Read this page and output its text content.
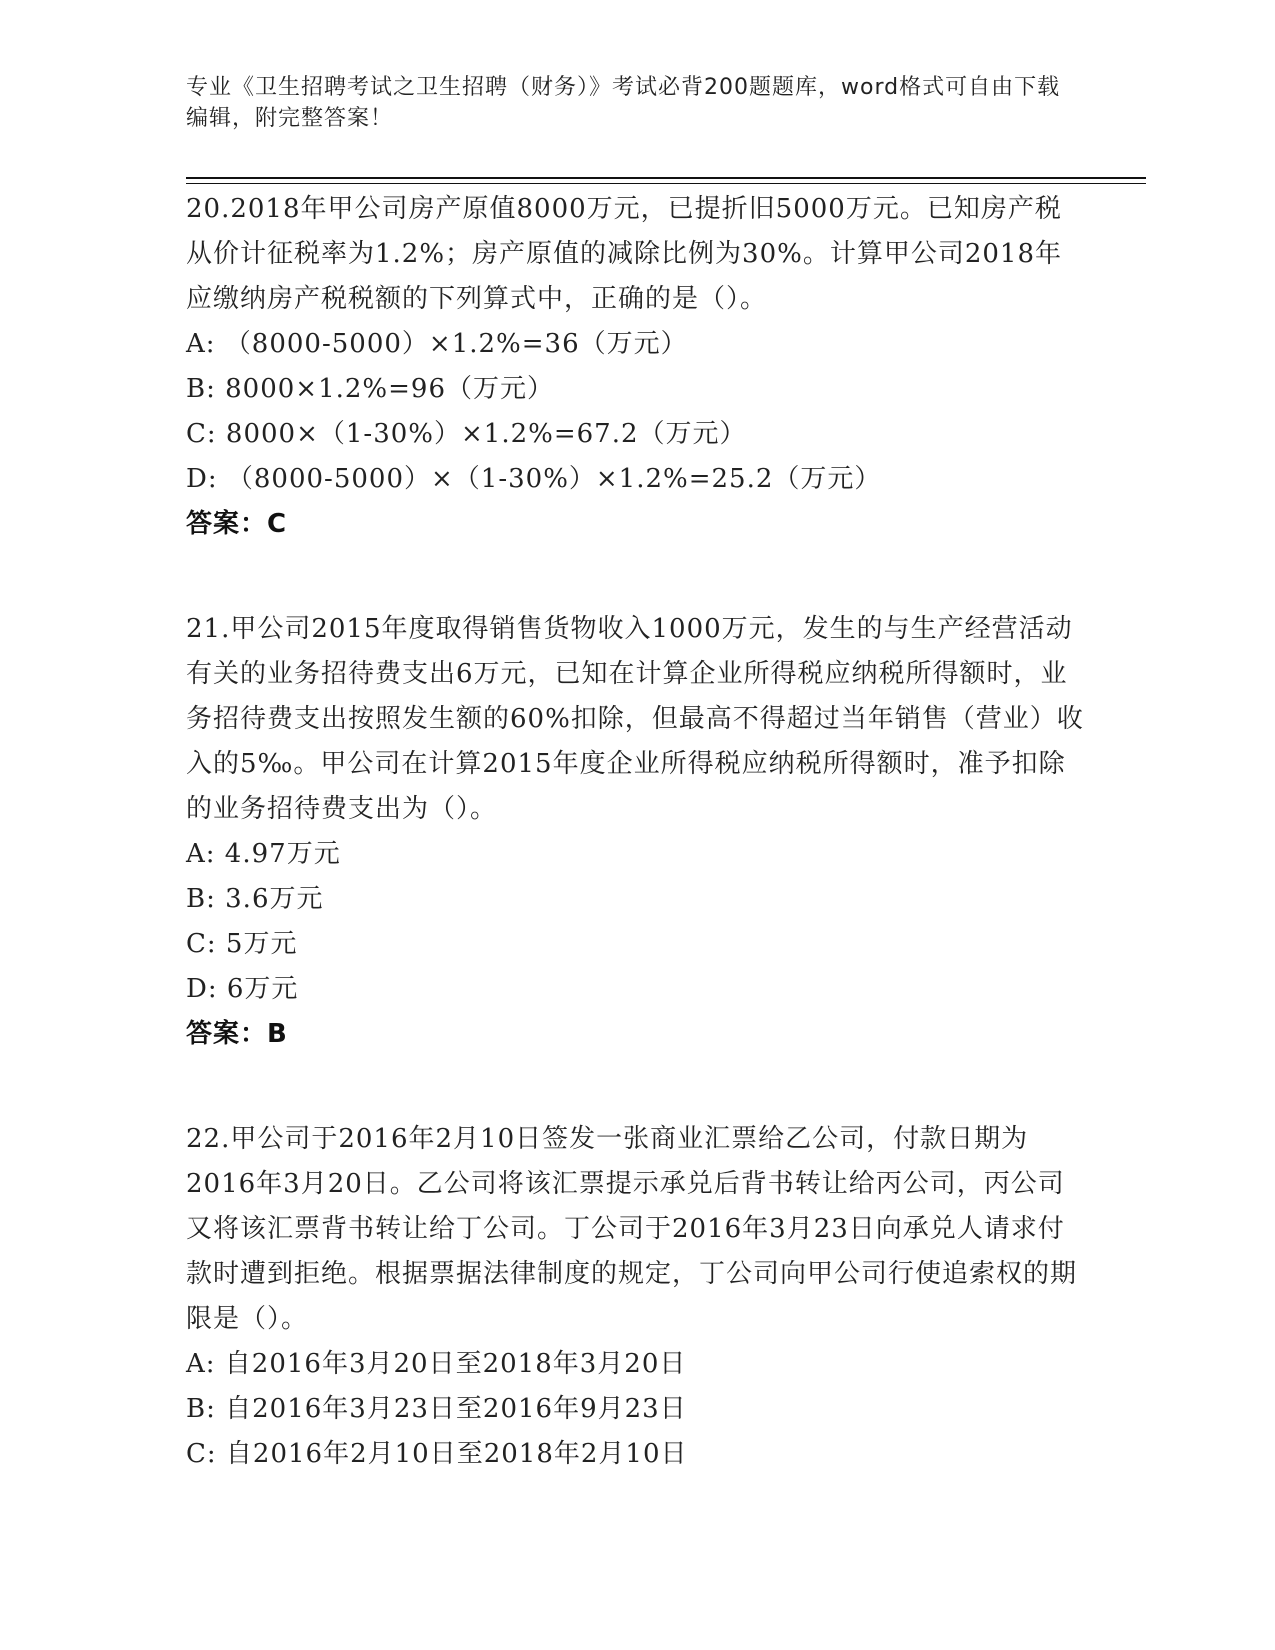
专业《卫生招聘考试之卫生招聘（财务）》考试必背200题题库，word格式可自由下载编辑，附完整答案！

20.2018年甲公司房产原值8000万元，已提折旧5000万元。已知房产税从价计征税率为1.2%；房产原值的减除比例为30%。计算甲公司2018年应缴纳房产税税额的下列算式中，正确的是（）。

A: （8000-5000）×1.2%=36（万元）

B: 8000×1.2%=96（万元）

C: 8000×（1-30%）×1.2%=67.2（万元）

D: （8000-5000）×（1-30%）×1.2%=25.2（万元）

答案：C

21.甲公司2015年度取得销售货物收入1000万元，发生的与生产经营活动有关的业务招待费支出6万元，已知在计算企业所得税应纳税所得额时，业务招待费支出按照发生额的60%扣除，但最高不得超过当年销售（营业）收入的5‰。甲公司在计算2015年度企业所得税应纳税所得额时，准予扣除的业务招待费支出为（）。

A: 4.97万元

B: 3.6万元

C: 5万元

D: 6万元

答案：B

22.甲公司于2016年2月10日签发一张商业汇票给乙公司，付款日期为2016年3月20日。乙公司将该汇票提示承兑后背书转让给丙公司，丙公司又将该汇票背书转让给丁公司。丁公司于2016年3月23日向承兑人请求付款时遭到拒绝。根据票据法律制度的规定，丁公司向甲公司行使追索权的期限是（）。

A: 自2016年3月20日至2018年3月20日

B: 自2016年3月23日至2016年9月23日

C: 自2016年2月10日至2018年2月10日
